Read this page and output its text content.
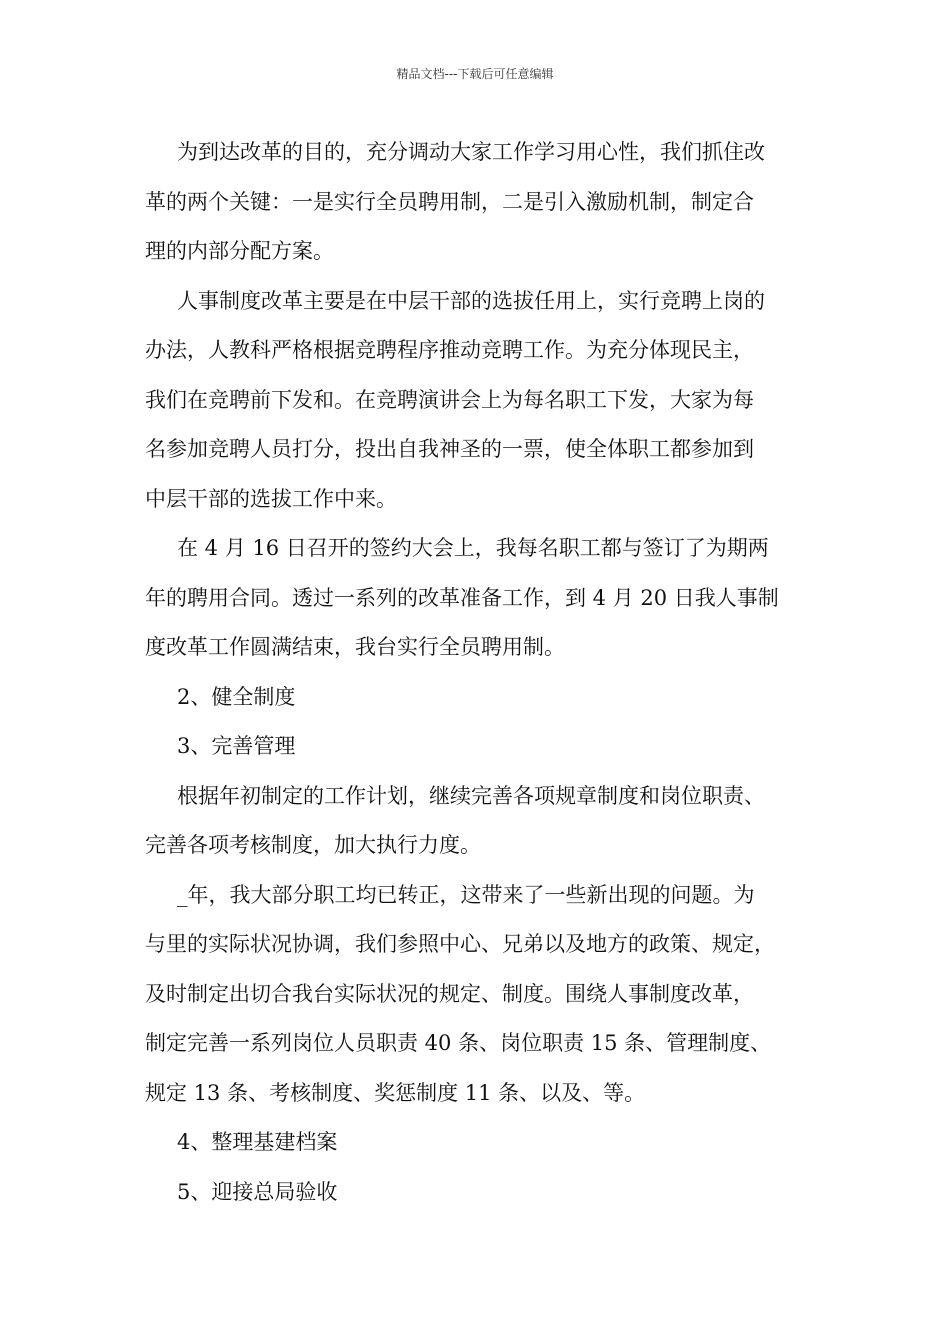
精品文档---下载后可任意编辑
为到达改革的目的，充分调动大家工作学习用心性，我们抓住改
革的两个关键：一是实行全员聘用制，二是引入激励机制，制定合
理的内部分配方案。
人事制度改革主要是在中层干部的选拔任用上，实行竞聘上岗的
办法，人教科严格根据竞聘程序推动竞聘工作。为充分体现民主，
我们在竞聘前下发和。在竞聘演讲会上为每名职工下发，大家为每
名参加竞聘人员打分，投出自我神圣的一票，使全体职工都参加到
中层干部的选拔工作中来。
在 4 月 16 日召开的签约大会上，我每名职工都与签订了为期两
年的聘用合同。透过一系列的改革准备工作，到 4 月 20 日我人事制
度改革工作圆满结束，我台实行全员聘用制。
2、健全制度
3、完善管理
根据年初制定的工作计划，继续完善各项规章制度和岗位职责、
完善各项考核制度，加大执行力度。
_年，我大部分职工均已转正，这带来了一些新出现的问题。为
与里的实际状况协调，我们参照中心、兄弟以及地方的政策、规定，
及时制定出切合我台实际状况的规定、制度。围绕人事制度改革，
制定完善一系列岗位人员职责 40 条、岗位职责 15 条、管理制度、
规定 13 条、考核制度、奖惩制度 11 条、以及、等。
4、整理基建档案
5、迎接总局验收
